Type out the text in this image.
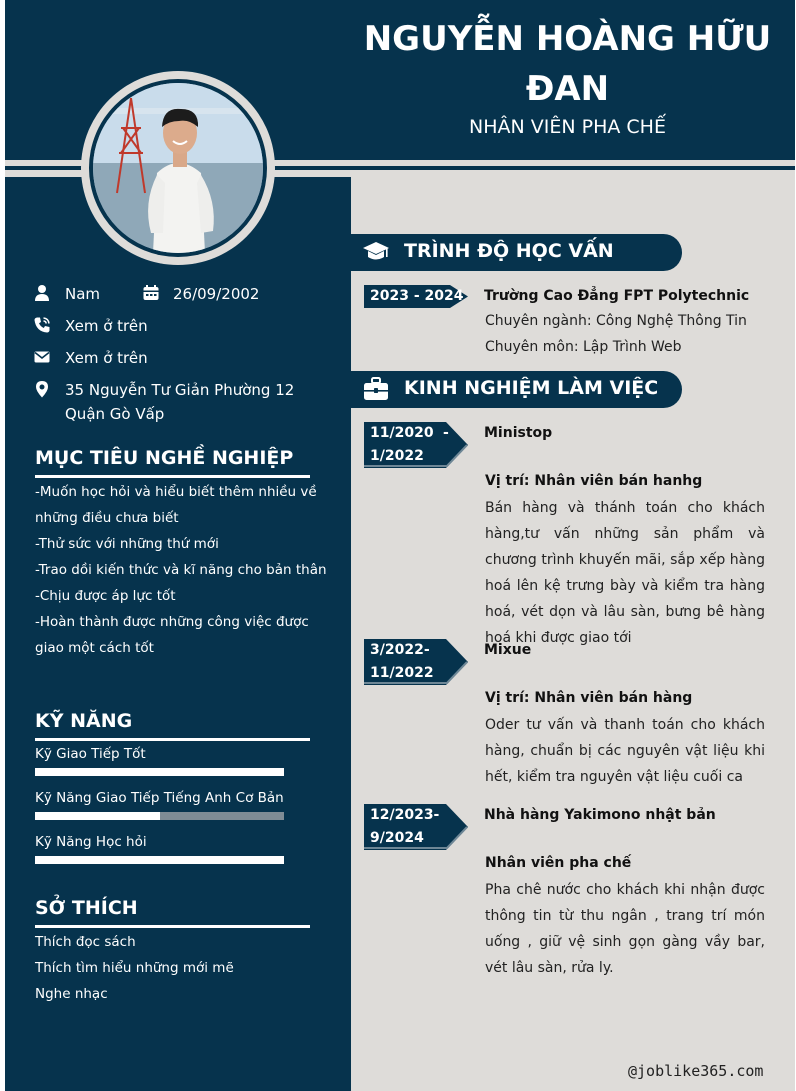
NGUYỄN HOÀNG HỮU
ĐAN
NHÂN VIÊN PHA CHẾ
Nam	26/09/2002
Xem ở trên
Xem ở trên
35 Nguyễn Tư Giản Phường 12 Quận Gò Vấp
MỤC TIÊU NGHỀ NGHIỆP
-Muốn học hỏi và hiểu biết thêm nhiều về những điều chưa biết
-Thử sức với những thứ mới
-Trao dồi kiến thức và kĩ năng cho bản thân
-Chịu được áp lực tốt
-Hoàn thành được những công việc được giao một cách tốt
KỸ NĂNG
Kỹ Giao Tiếp Tốt
Kỹ Năng Giao Tiếp Tiếng Anh Cơ Bản
Kỹ Năng Học hỏi
SỞ THÍCH
Thích đọc sách
Thích tìm hiểu những mới mẽ
Nghe nhạc
TRÌNH ĐỘ HỌC VẤN
2023 - 2024	Trường Cao Đẳng FPT Polytechnic
Chuyên ngành: Công Nghệ Thông Tin
Chuyên môn: Lập Trình Web
KINH NGHIỆM LÀM VIỆC
11/2020 -
1/2022
Ministop
Vị trí: Nhân viên bán hanhg
Bán hàng và thánh toán cho khách hàng,tư vấn những sản phẩm và chương trình khuyến mãi, sắp xếp hàng hoá lên kệ trưng bày và kiểm tra hàng hoá, vét dọn và lâu sàn, bưng bê hàng hoá khi được giao tới
3/2022-
11/2022
Mixue
Vị trí: Nhân viên bán hàng
Oder tư vấn và thanh toán cho khách hàng, chuẩn bị các nguyên vật liệu khi hết, kiểm tra nguyên vật liệu cuối ca
12/2023-
9/2024
Nhà hàng Yakimono nhật bản
Nhân viên pha chế
Pha chê nước cho khách khi nhận được thông tin từ thu ngân , trang trí món uống , giữ vệ sinh gọn gàng vầy bar, vét lâu sàn, rửa ly.
@joblike365.com
